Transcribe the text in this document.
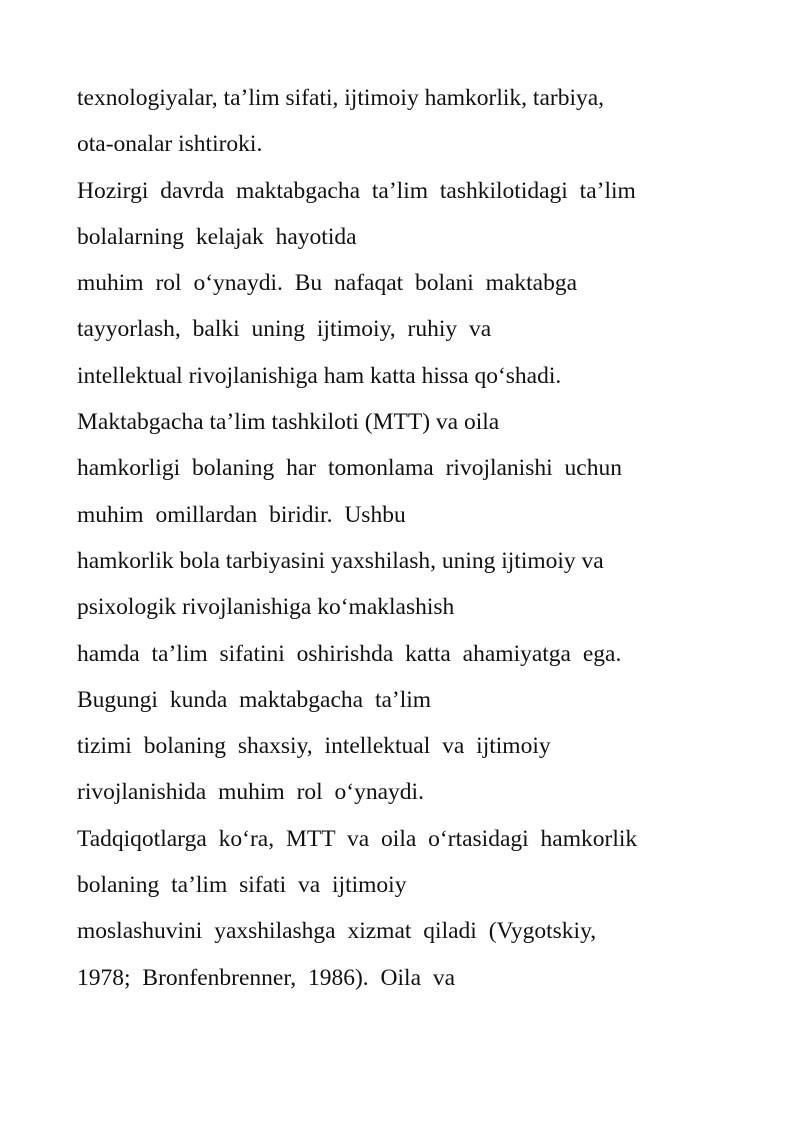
texnologiyalar, ta’lim sifati, ijtimoiy hamkorlik, tarbiya,
ota-onalar ishtiroki.
Hozirgi davrda maktabgacha ta’lim tashkilotidagi ta’lim
bolalarning kelajak hayotida
muhim rol o‘ynaydi. Bu nafaqat bolani maktabga
tayyorlash, balki uning ijtimoiy, ruhiy va
intellektual rivojlanishiga ham katta hissa qo‘shadi.
Maktabgacha ta’lim tashkiloti (MTT) va oila
hamkorligi bolaning har tomonlama rivojlanishi uchun
muhim omillardan biridir. Ushbu
hamkorlik bola tarbiyasini yaxshilash, uning ijtimoiy va
psixologik rivojlanishiga ko‘maklashish
hamda ta’lim sifatini oshirishda katta ahamiyatga ega.
Bugungi kunda maktabgacha ta’lim
tizimi bolaning shaxsiy, intellektual va ijtimoiy
rivojlanishida muhim rol o‘ynaydi.
Tadqiqotlarga ko‘ra, MTT va oila o‘rtasidagi hamkorlik
bolaning ta’lim sifati va ijtimoiy
moslashuvini yaxshilashga xizmat qiladi (Vygotskiy,
1978; Bronfenbrenner, 1986). Oila va
